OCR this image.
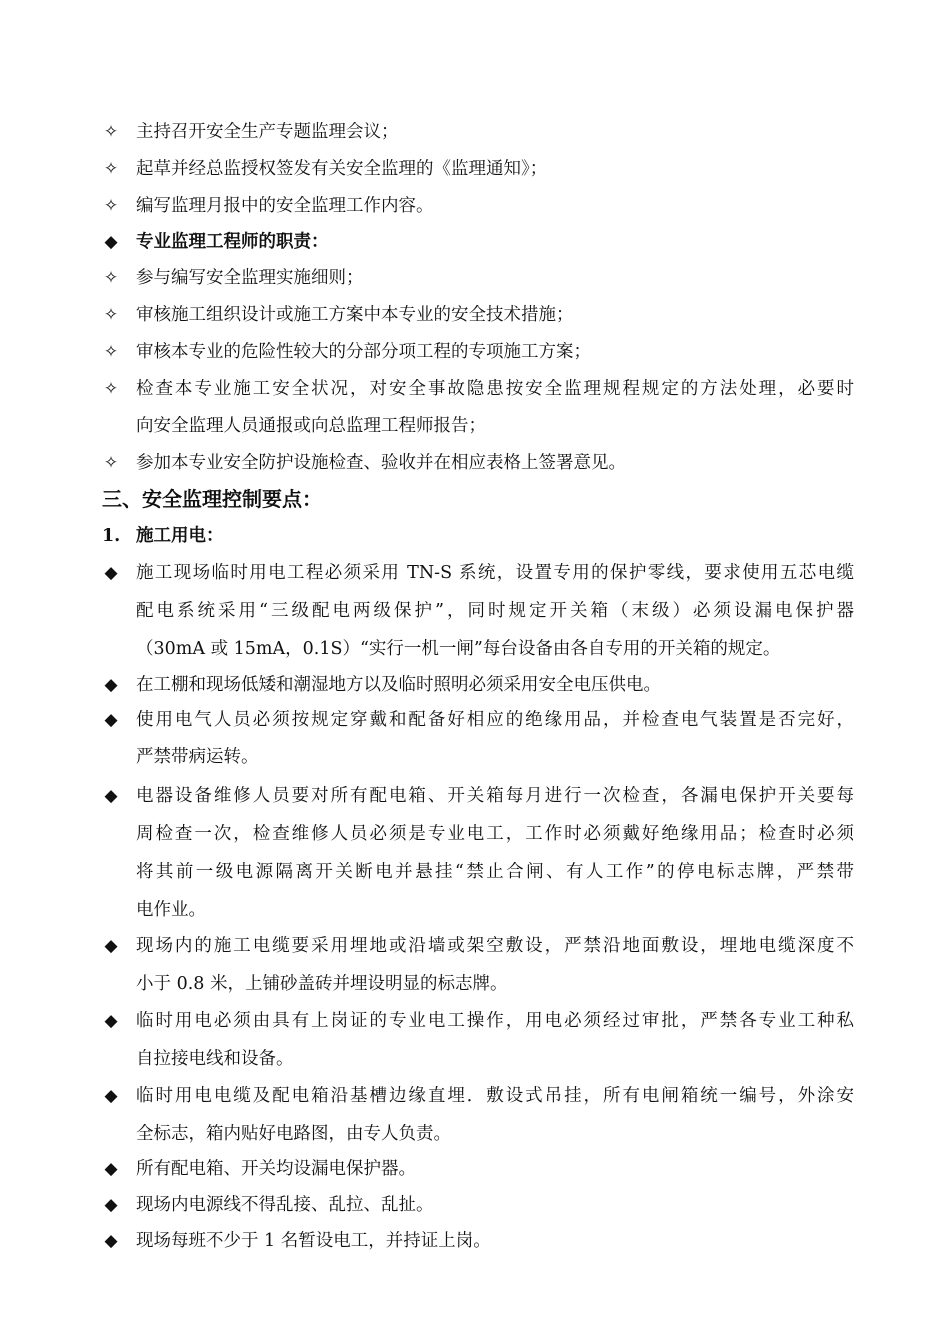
✧ 主持召开安全生产专题监理会议；
✧ 起草并经总监授权签发有关安全监理的《监理通知》；
✧ 编写监理月报中的安全监理工作内容。
◆ 专业监理工程师的职责：
✧ 参与编写安全监理实施细则；
✧ 审核施工组织设计或施工方案中本专业的安全技术措施；
✧ 审核本专业的危险性较大的分部分项工程的专项施工方案；
✧ 检查本专业施工安全状况，对安全事故隐患按安全监理规程规定的方法处理，必要时
向安全监理人员通报或向总监理工程师报告；
✧ 参加本专业安全防护设施检查、验收并在相应表格上签署意见。
三、安全监理控制要点：
1. 施工用电：
◆ 施工现场临时用电工程必须采用 TN-S 系统，设置专用的保护零线，要求使用五芯电缆
配电系统采用“三级配电两级保护”，同时规定开关箱（末级）必须设漏电保护器
（30mA 或 15mA，0.1S）“实行一机一闸”每台设备由各自专用的开关箱的规定。
◆ 在工棚和现场低矮和潮湿地方以及临时照明必须采用安全电压供电。
◆ 使用电气人员必须按规定穿戴和配备好相应的绝缘用品，并检查电气装置是否完好，
严禁带病运转。
◆ 电器设备维修人员要对所有配电箱、开关箱每月进行一次检查，各漏电保护开关要每
周检查一次，检查维修人员必须是专业电工，工作时必须戴好绝缘用品；检查时必须
将其前一级电源隔离开关断电并悬挂“禁止合闸、有人工作”的停电标志牌，严禁带
电作业。
◆ 现场内的施工电缆要采用埋地或沿墙或架空敷设，严禁沿地面敷设，埋地电缆深度不
小于 0.8 米，上铺砂盖砖并埋设明显的标志牌。
◆ 临时用电必须由具有上岗证的专业电工操作，用电必须经过审批，严禁各专业工种私
自拉接电线和设备。
◆ 临时用电电缆及配电箱沿基槽边缘直埋．敷设式吊挂，所有电闸箱统一编号，外涂安
全标志，箱内贴好电路图，由专人负责。
◆ 所有配电箱、开关均设漏电保护器。
◆ 现场内电源线不得乱接、乱拉、乱扯。
◆ 现场每班不少于 1 名暂设电工，并持证上岗。
